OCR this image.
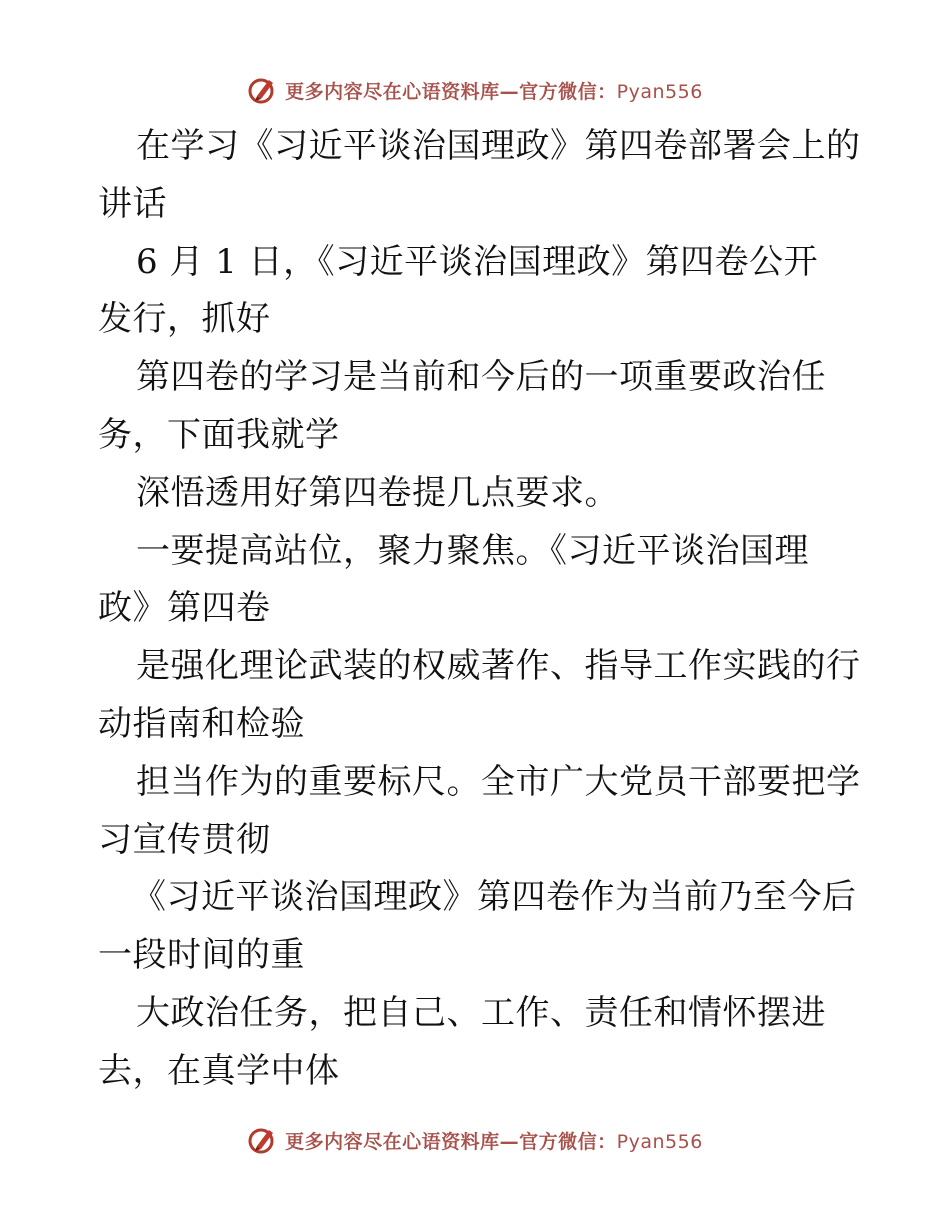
更多内容尽在心语资料库—官方微信：Pyan556
在学习《习近平谈治国理政》第四卷部署会上的
讲话
6 月 1 日，《习近平谈治国理政》第四卷公开
发行，抓好
第四卷的学习是当前和今后的一项重要政治任
务，下面我就学
深悟透用好第四卷提几点要求。
一要提高站位，聚力聚焦。《习近平谈治国理
政》第四卷
是强化理论武装的权威著作、指导工作实践的行
动指南和检验
担当作为的重要标尺。全市广大党员干部要把学
习宣传贯彻
《习近平谈治国理政》第四卷作为当前乃至今后
一段时间的重
大政治任务，把自己、工作、责任和情怀摆进
去，在真学中体
更多内容尽在心语资料库—官方微信：Pyan556
